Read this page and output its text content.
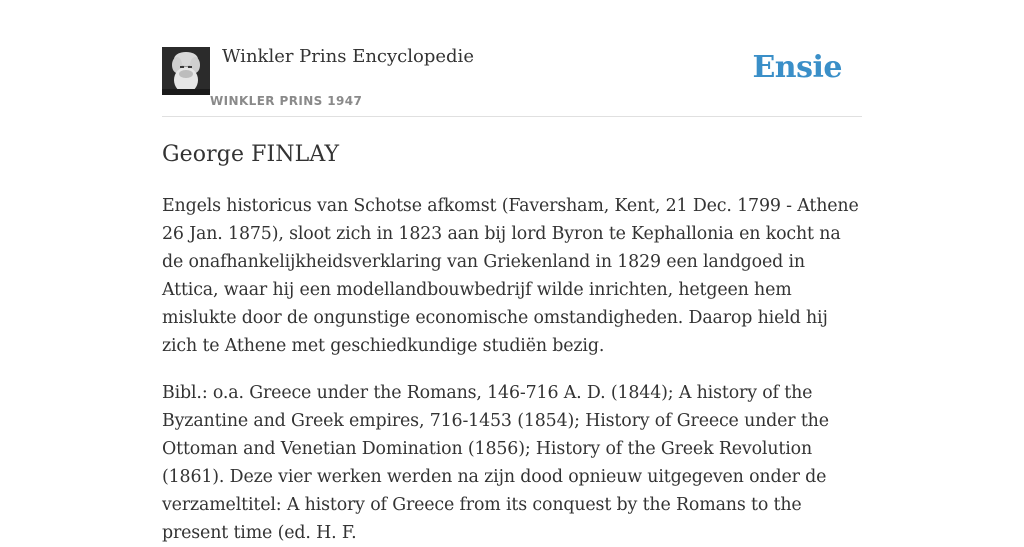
Winkler Prins Encyclopedie
WINKLER PRINS 1947
Ensie
George FINLAY

Engels historicus van Schotse afkomst (Faversham, Kent, 21 Dec. 1799 - Athene 26 Jan. 1875), sloot zich in 1823 aan bij lord Byron te Kephallonia en kocht na de onafhankelijkheidsverklaring van Griekenland in 1829 een landgoed in Attica, waar hij een modellandbouwbedrijf wilde inrichten, hetgeen hem mislukte door de ongunstige economische omstandigheden. Daarop hield hij zich te Athene met geschiedkundige studiën bezig.

Bibl.: o.a. Greece under the Romans, 146-716 A. D. (1844); A history of the Byzantine and Greek empires, 716-1453 (1854); History of Greece under the Ottoman and Venetian Domination (1856); History of the Greek Revolution (1861). Deze vier werken werden na zijn dood opnieuw uitgegeven onder de verzameltitel: A history of Greece from its conquest by the Romans to the present time (ed. H. F.
